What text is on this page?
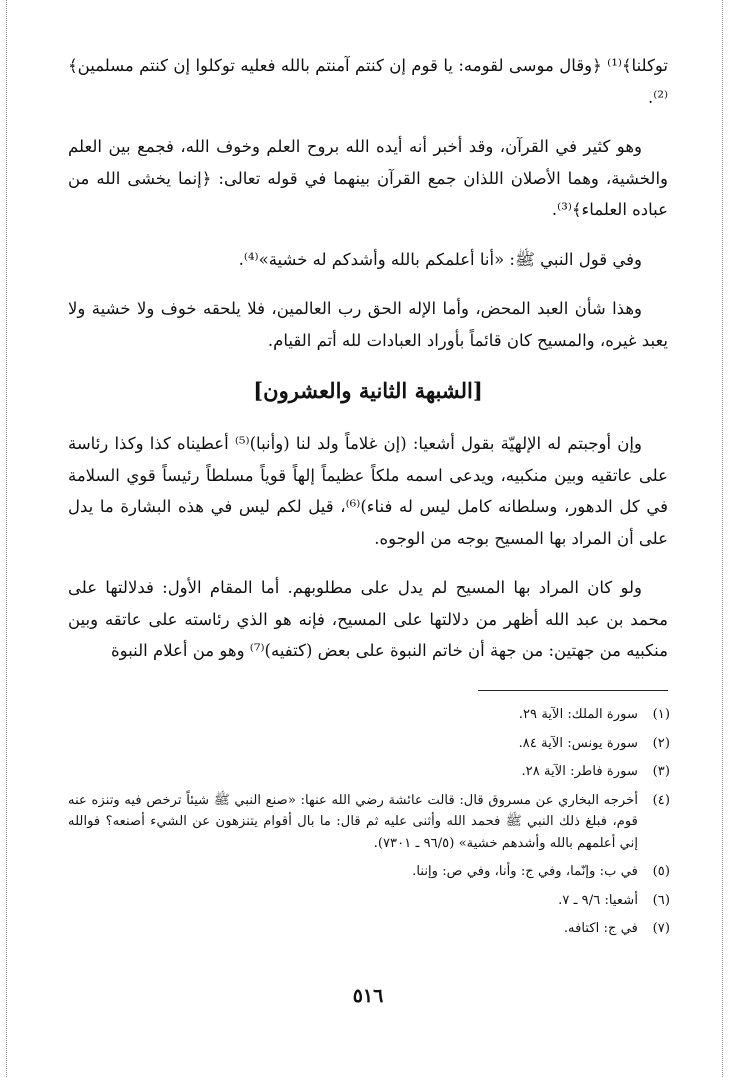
توكلنا﴾⁽¹⁾ ﴿وقال موسى لقومه: يا قوم إن كنتم آمنتم بالله فعليه توكلوا إن كنتم مسلمين﴾⁽²⁾.

وهو كثير في القرآن، وقد أخبر أنه أيده الله بروح العلم وخوف الله، فجمع بين العلم والخشية، وهما الأصلان اللذان جمع القرآن بينهما في قوله تعالى: ﴿إنما يخشى الله من عباده العلماء﴾⁽³⁾.

وفي قول النبي ﷺ: «أنا أعلمكم بالله وأشدكم له خشية»⁽⁴⁾.

وهذا شأن العبد المحض، وأما الإله الحق رب العالمين، فلا يلحقه خوف ولا خشية ولا يعبد غيره، والمسيح كان قائماً بأوراد العبادات لله أتم القيام.

[الشبهة الثانية والعشرون]

وإن أوجبتم له الإلهيّة بقول أشعيا: (إن غلاماً ولد لنا (وأنبا)⁽⁵⁾ أعطيناه كذا وكذا رئاسة على عاتقيه وبين منكبيه، ويدعى اسمه ملكاً عظيماً إلهاً قوياً مسلطاً رئيساً قوي السلامة في كل الدهور، وسلطانه كامل ليس له فناء)⁽⁶⁾، قيل لكم ليس في هذه البشارة ما يدل على أن المراد بها المسيح بوجه من الوجوه.

ولو كان المراد بها المسيح لم يدل على مطلوبهم. أما المقام الأول: فدلالتها على محمد بن عبد الله أظهر من دلالتها على المسيح، فإنه هو الذي رئاسته على عاتقه وبين منكبيه من جهتين: من جهة أن خاتم النبوة على بعض (كتفيه)⁽⁷⁾ وهو من أعلام النبوة

(١)
سورة الملك: الآية ٢٩.
(٢)
سورة يونس: الآية ٨٤.
(٣)
سورة فاطر: الآية ٢٨.
(٤)
أخرجه البخاري عن مسروق قال: قالت عائشة رضي الله عنها: «صنع النبي ﷺ شيئاً ترخص فيه وتنزه عنه قوم، فبلغ ذلك النبي ﷺ فحمد الله وأثنى عليه ثم قال: ما بال أقوام يتنزهون عن الشيء أصنعه؟ فوالله إني أعلمهم بالله وأشدهم خشية» (٩٦/٥ ـ ٧٣٠١).
(٥)
في ب: وإنّما، وفي ج: وأنا، وفي ص: وإننا.
(٦)
أشعيا: ٩/٦ ـ ٧.
(٧)
في ج: اكتافه.
٥١٦
